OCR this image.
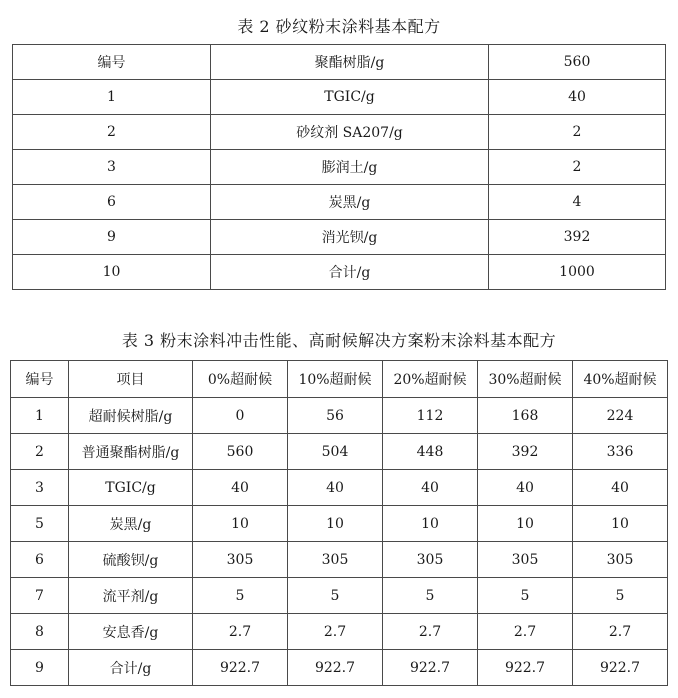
表 2 砂纹粉末涂料基本配方
编号	聚酯树脂/g	560
1	TGIC/g	40
2	砂纹剂 SA207/g	2
3	膨润土/g	2
6	炭黑/g	4
9	消光钡/g	392
10	合计/g	1000
表 3 粉末涂料冲击性能、高耐候解决方案粉末涂料基本配方
编号	项目	0%超耐候	10%超耐候	20%超耐候	30%超耐候	40%超耐候
1	超耐候树脂/g	0	56	112	168	224
2	普通聚酯树脂/g	560	504	448	392	336
3	TGIC/g	40	40	40	40	40
5	炭黑/g	10	10	10	10	10
6	硫酸钡/g	305	305	305	305	305
7	流平剂/g	5	5	5	5	5
8	安息香/g	2.7	2.7	2.7	2.7	2.7
9	合计/g	922.7	922.7	922.7	922.7	922.7
